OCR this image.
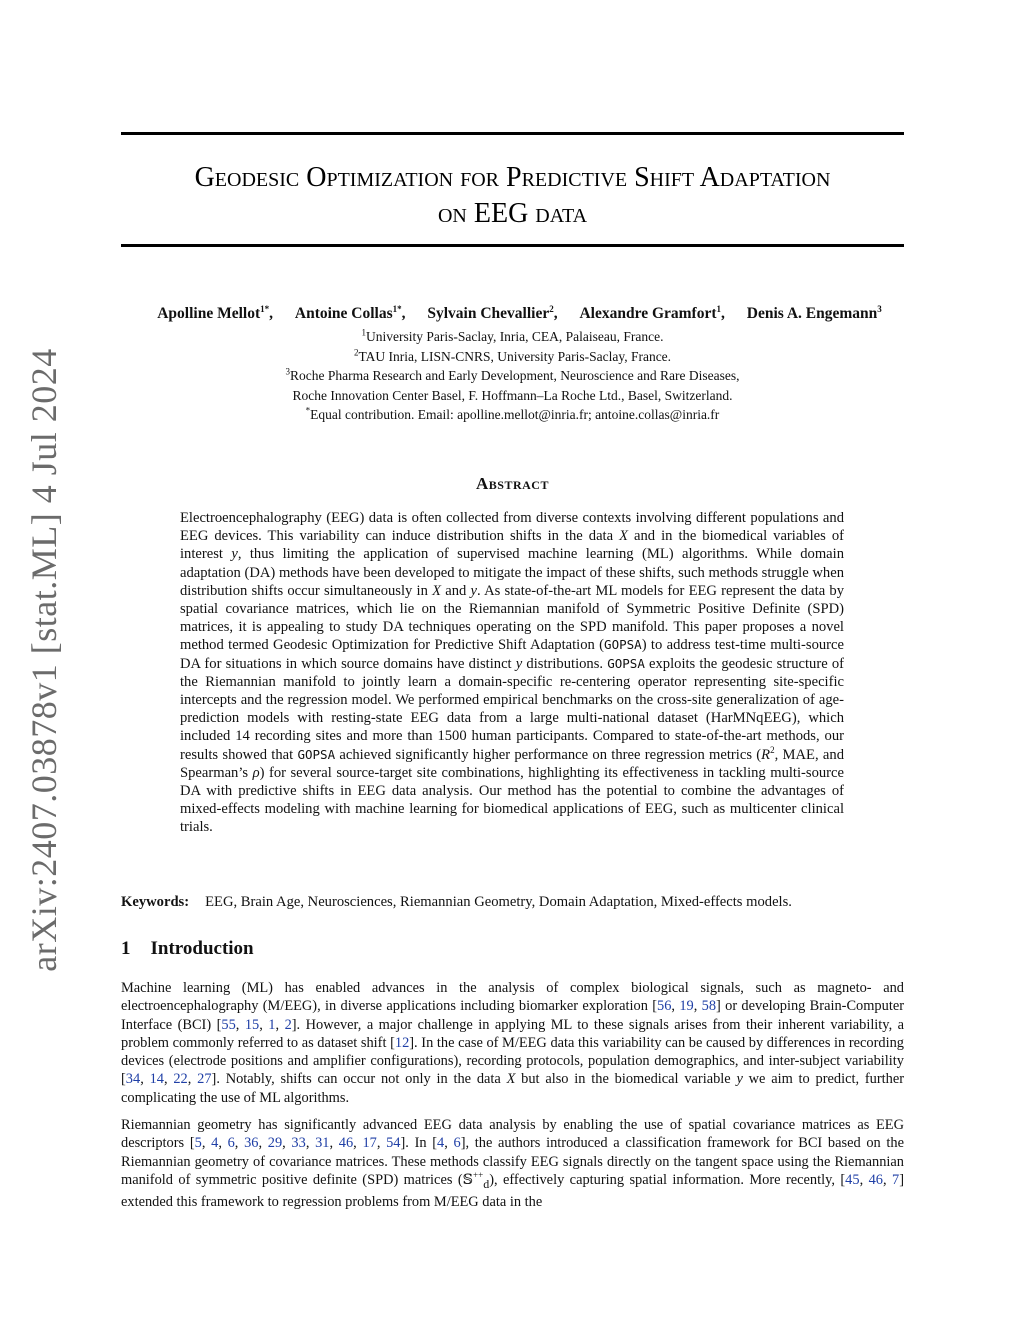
arXiv:2407.03878v1 [stat.ML] 4 Jul 2024
Geodesic Optimization for Predictive Shift Adaptation
on EEG data
Apolline Mellot$^{1*}$, Antoine Collas$^{1*}$, Sylvain Chevallier$^2$, Alexandre Gramfort$^1$, Denis A. Engemann$^3$
$^1$University Paris-Saclay, Inria, CEA, Palaiseau, France.
$^2$TAU Inria, LISN-CNRS, University Paris-Saclay, France.
$^3$Roche Pharma Research and Early Development, Neuroscience and Rare Diseases,
Roche Innovation Center Basel, F. Hoffmann–La Roche Ltd., Basel, Switzerland.
*Equal contribution. Email: apolline.mellot@inria.fr; antoine.collas@inria.fr
Abstract

Electroencephalography (EEG) data is often collected from diverse contexts involving different populations and EEG devices. This variability can induce distribution shifts in the data X and in the biomedical variables of interest y, thus limiting the application of supervised machine learning (ML) algorithms. While domain adaptation (DA) methods have been developed to mitigate the impact of these shifts, such methods struggle when distribution shifts occur simultaneously in X and y. As state-of-the-art ML models for EEG represent the data by spatial covariance matrices, which lie on the Riemannian manifold of Symmetric Positive Definite (SPD) matrices, it is appealing to study DA techniques operating on the SPD manifold. This paper proposes a novel method termed Geodesic Optimization for Predictive Shift Adaptation (GOPSA) to address test-time multi-source DA for situations in which source domains have distinct y distributions. GOPSA exploits the geodesic structure of the Riemannian manifold to jointly learn a domain-specific re-centering operator representing site-specific intercepts and the regression model. We performed empirical benchmarks on the cross-site generalization of age-prediction models with resting-state EEG data from a large multi-national dataset (HarMNqEEG), which included 14 recording sites and more than 1500 human participants. Compared to state-of-the-art methods, our results showed that GOPSA achieved significantly higher performance on three regression metrics ($R^2$, MAE, and Spearman’s ρ) for several source-target site combinations, highlighting its effectiveness in tackling multi-source DA with predictive shifts in EEG data analysis. Our method has the potential to combine the advantages of mixed-effects modeling with machine learning for biomedical applications of EEG, such as multicenter clinical trials.

Keywords: EEG, Brain Age, Neurosciences, Riemannian Geometry, Domain Adaptation, Mixed-effects models.

1 Introduction

Machine learning (ML) has enabled advances in the analysis of complex biological signals, such as magneto- and electroencephalography (M/EEG), in diverse applications including biomarker exploration [56, 19, 58] or developing Brain-Computer Interface (BCI) [55, 15, 1, 2]. However, a major challenge in applying ML to these signals arises from their inherent variability, a problem commonly referred to as dataset shift [12]. In the case of M/EEG data this variability can be caused by differences in recording devices (electrode positions and amplifier configurations), recording protocols, population demographics, and inter-subject variability [34, 14, 22, 27]. Notably, shifts can occur not only in the data X but also in the biomedical variable y we aim to predict, further complicating the use of ML algorithms.

Riemannian geometry has significantly advanced EEG data analysis by enabling the use of spatial covariance matrices as EEG descriptors [5, 4, 6, 36, 29, 33, 31, 46, 17, 54]. In [4, 6], the authors introduced a classification framework for BCI based on the Riemannian geometry of covariance matrices. These methods classify EEG signals directly on the tangent space using the Riemannian manifold of symmetric positive definite (SPD) matrices (𝕊++$_d$), effectively capturing spatial information. More recently, [45, 46, 7] extended this framework to regression problems from M/EEG data in the
